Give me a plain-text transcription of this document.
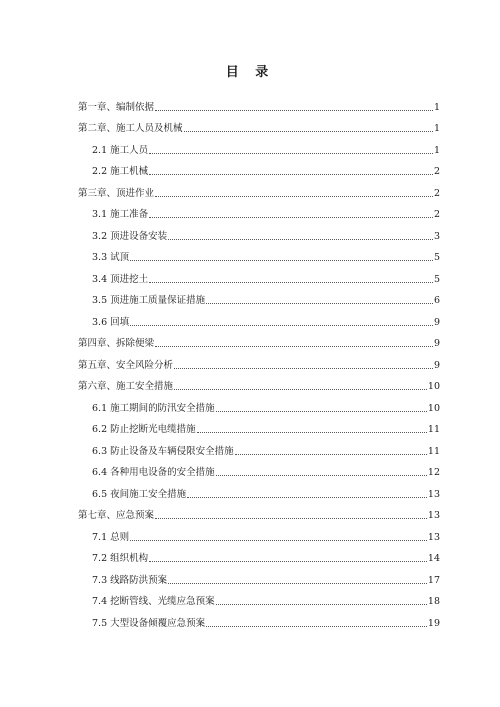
目 录
第一章、编制依据	1
第二章、施工人员及机械	1
2.1 施工人员	1
2.2 施工机械	2
第三章、顶进作业	2
3.1 施工准备	2
3.2 顶进设备安装	3
3.3 试顶	5
3.4 顶进挖土	5
3.5 顶进施工质量保证措施	6
3.6 回填	9
第四章、拆除便梁	9
第五章、安全风险分析	9
第六章、施工安全措施	10
6.1 施工期间的防汛安全措施	10
6.2 防止挖断光电缆措施	11
6.3 防止设备及车辆侵限安全措施	11
6.4 各种用电设备的安全措施	12
6.5 夜间施工安全措施	13
第七章、应急预案	13
7.1 总则	13
7.2 组织机构	14
7.3 线路防洪预案	17
7.4 挖断管线、光缆应急预案	18
7.5 大型设备倾覆应急预案	19
